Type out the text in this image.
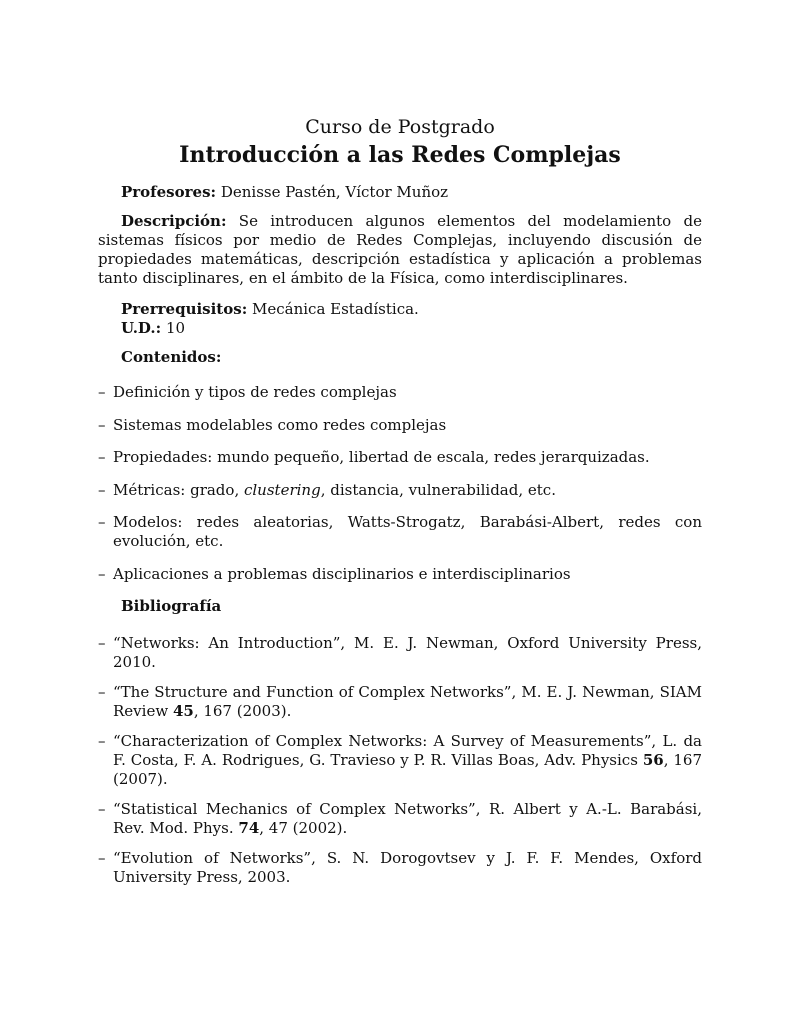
Curso de Postgrado
Introducción a las Redes Complejas
Profesores: Denisse Pastén, Víctor Muñoz
Descripción: Se introducen algunos elementos del modelamiento de sistemas físicos por medio de Redes Complejas, incluyendo discusión de propiedades matemáticas, descripción estadística y aplicación a problemas tanto disciplinares, en el ámbito de la Física, como interdisciplinares.
Prerrequisitos: Mecánica Estadística.
U.D.: 10
Contenidos:
– Definición y tipos de redes complejas
– Sistemas modelables como redes complejas
– Propiedades: mundo pequeño, libertad de escala, redes jerarquizadas.
– Métricas: grado, clustering, distancia, vulnerabilidad, etc.
– Modelos: redes aleatorias, Watts-Strogatz, Barabási-Albert, redes con evolución, etc.
– Aplicaciones a problemas disciplinarios e interdisciplinarios
Bibliografía
– “Networks: An Introduction”, M. E. J. Newman, Oxford University Press, 2010.
– “The Structure and Function of Complex Networks”, M. E. J. Newman, SIAM Review 45, 167 (2003).
– “Characterization of Complex Networks: A Survey of Measurements”, L. da F. Costa, F. A. Rodrigues, G. Travieso y P. R. Villas Boas, Adv. Physics 56, 167 (2007).
– “Statistical Mechanics of Complex Networks”, R. Albert y A.-L. Barabási, Rev. Mod. Phys. 74, 47 (2002).
– “Evolution of Networks”, S. N. Dorogovtsev y J. F. F. Mendes, Oxford University Press, 2003.
